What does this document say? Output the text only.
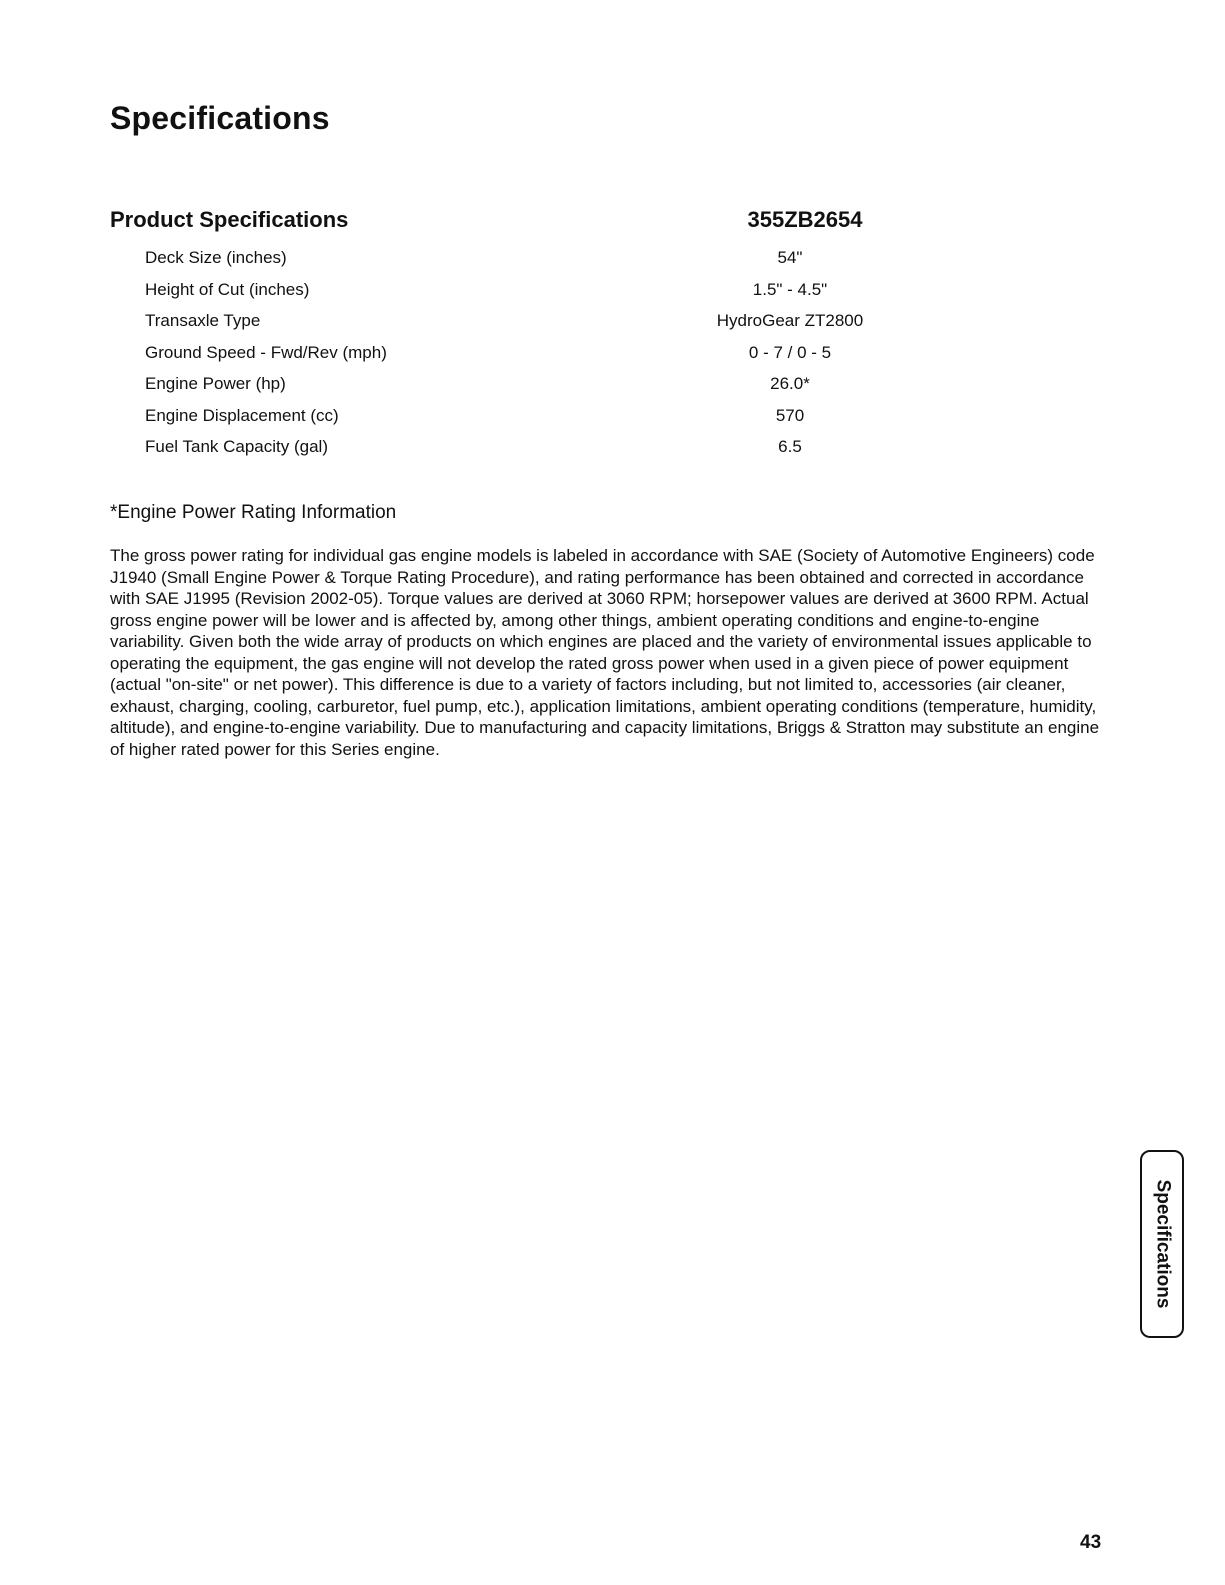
Specifications
Product Specifications	355ZB2654
Deck Size (inches)	54"
Height of Cut (inches)	1.5" - 4.5"
Transaxle Type	HydroGear ZT2800
Ground Speed - Fwd/Rev (mph)	0 - 7 / 0 - 5
Engine Power (hp)	26.0*
Engine Displacement (cc)	570
Fuel Tank Capacity (gal)	6.5

*Engine Power Rating Information

The gross power rating for individual gas engine models is labeled in accordance with SAE (Society of Automotive Engineers) code J1940 (Small Engine Power & Torque Rating Procedure), and rating performance has been obtained and corrected in accordance with SAE J1995 (Revision 2002-05). Torque values are derived at 3060 RPM; horsepower values are derived at 3600 RPM. Actual gross engine power will be lower and is affected by, among other things, ambient operating conditions and engine-to-engine variability. Given both the wide array of products on which engines are placed and the variety of environmental issues applicable to operating the equipment, the gas engine will not develop the rated gross power when used in a given piece of power equipment (actual "on-site" or net power). This difference is due to a variety of factors including, but not limited to, accessories (air cleaner, exhaust, charging, cooling, carburetor, fuel pump, etc.), application limitations, ambient operating conditions (temperature, humidity, altitude), and engine-to-engine variability. Due to manufacturing and capacity limitations, Briggs & Stratton may substitute an engine of higher rated power for this Series engine.

Specifications
43
